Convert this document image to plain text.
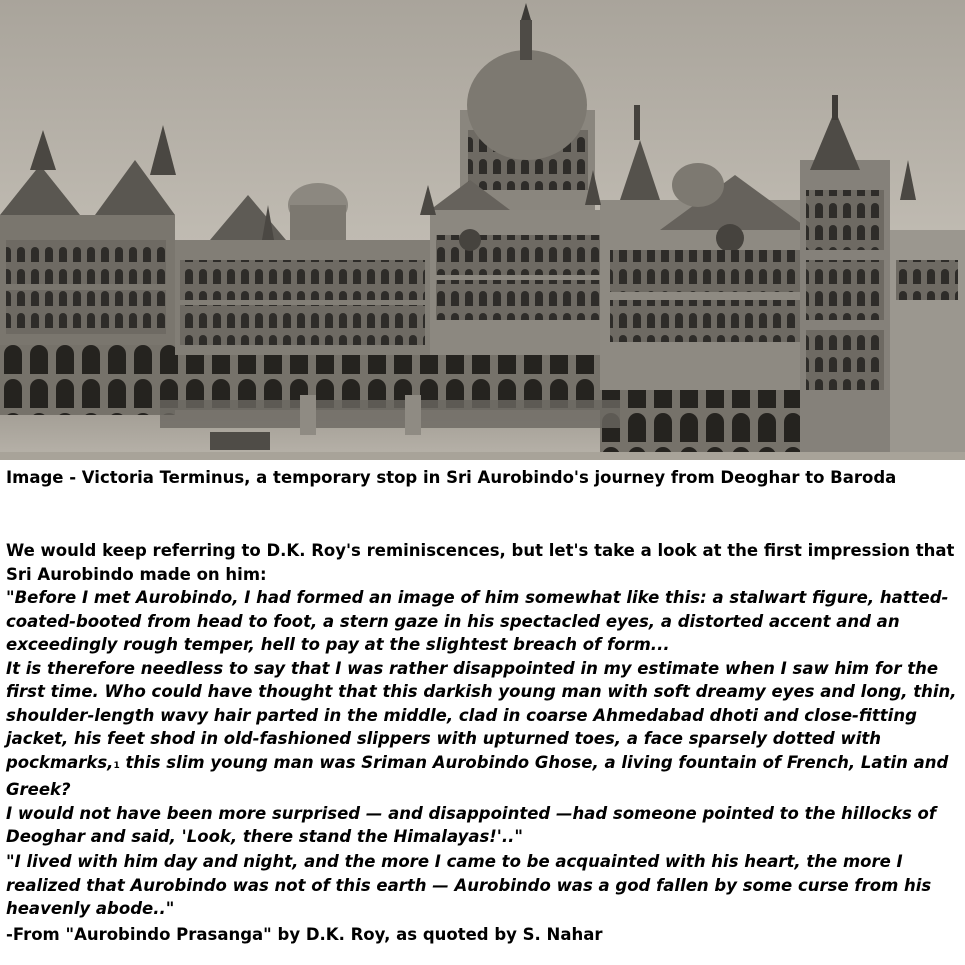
Image - Victoria Terminus, a temporary stop in Sri Aurobindo's journey from Deoghar to Baroda
We would keep referring to D.K. Roy's reminiscences, but let's take a look at the first impression that Sri Aurobindo made on him:
"Before I met Aurobindo, I had formed an image of him somewhat like this: a stalwart figure, hatted-coated-booted from head to foot, a stern gaze in his spectacled eyes, a distorted accent and an exceedingly rough temper, hell to pay at the slightest breach of form...
It is therefore needless to say that I was rather disappointed in my estimate when I saw him for the first time. Who could have thought that this darkish young man with soft dreamy eyes and long, thin, shoulder-length wavy hair parted in the middle, clad in coarse Ahmedabad dhoti and close-fitting jacket, his feet shod in old-fashioned slippers with upturned toes, a face sparsely dotted with pockmarks,1 this slim young man was Sriman Aurobindo Ghose, a living fountain of French, Latin and Greek?
I would not have been more surprised — and disappointed —had someone pointed to the hillocks of Deoghar and said, 'Look, there stand the Himalayas!'.."
"I lived with him day and night, and the more I came to be acquainted with his heart, the more I realized that Aurobindo was not of this earth — Aurobindo was a god fallen by some curse from his heavenly abode.."
-From "Aurobindo Prasanga" by D.K. Roy, as quoted by S. Nahar
